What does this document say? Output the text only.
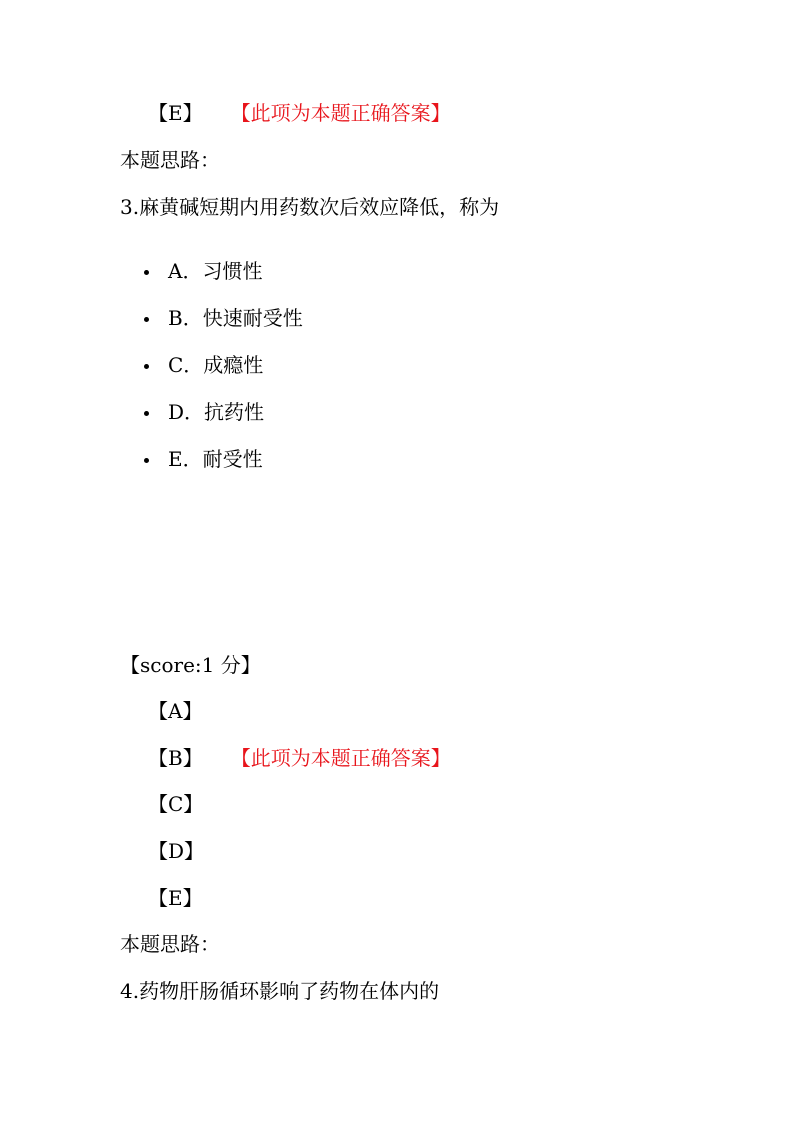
【E】 【此项为本题正确答案】
本题思路：
3.麻黄碱短期内用药数次后效应降低，称为
A．习惯性
B．快速耐受性
C．成瘾性
D．抗药性
E．耐受性
【score:1 分】
【A】
【B】 【此项为本题正确答案】
【C】
【D】
【E】
本题思路：
4.药物肝肠循环影响了药物在体内的
